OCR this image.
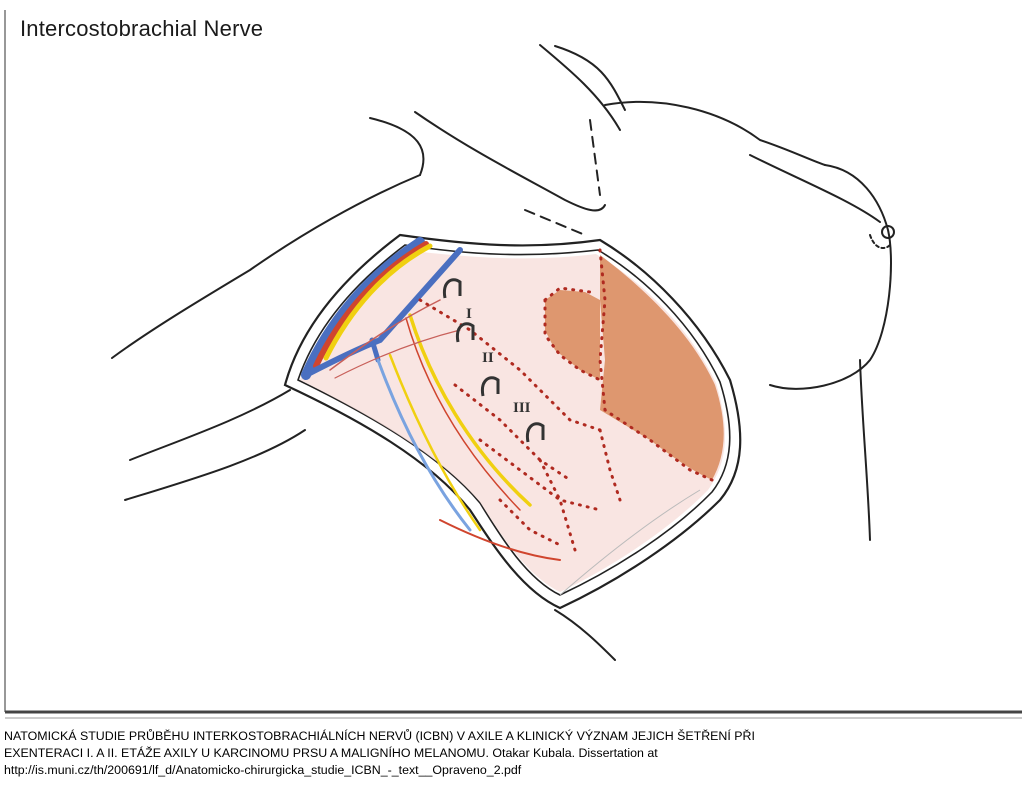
Intercostobrachial Nerve
I
II
III
NATOMICKÁ STUDIE PRŮBĚHU INTERKOSTOBRACHIÁLNÍCH NERVŮ (ICBN) V AXILE A KLINICKÝ VÝZNAM JEJICH ŠETŘENÍ PŘI
EXENTERACI I. A II. ETÁŽE AXILY U KARCINOMU PRSU A MALIGNÍHO MELANOMU. Otakar Kubala. Dissertation at
http://is.muni.cz/th/200691/lf_d/Anatomicko-chirurgicka_studie_ICBN_-_text__Opraveno_2.pdf
